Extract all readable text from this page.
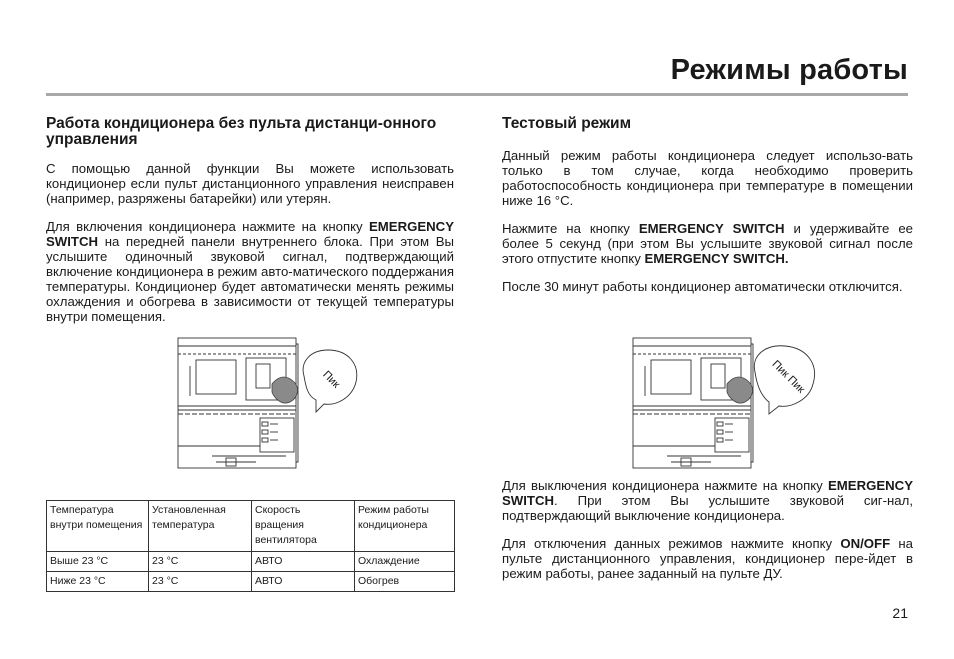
Режимы работы
Работа кондиционера без пульта дистанци-онного управления

С помощью данной функции Вы можете использовать кондиционер если пульт дистанционного управления неисправен (например, разряжены батарейки) или утерян.

Для включения кондиционера нажмите на кнопку EMERGENCY SWITCH на передней панели внутреннего блока. При этом Вы услышите одиночный звуковой сигнал, подтверждающий включение кондиционера в режим авто-матического поддержания температуры. Кондиционер будет автоматически менять режимы охлаждения и обогрева в зависимости от текущей температуры внутри помещения.

Пик
Температура внутри помещения	Установленная температура	Скорость вращения вентилятора	Режим работы кондиционера
Выше 23 °С	23 °С	АВТО	Охлаждение
Ниже 23 °С	23 °С	АВТО	Обогрев
Тестовый режим

Данный режим работы кондиционера следует использо-вать только в том случае, когда необходимо проверить работоспособность кондиционера при температуре в помещении ниже 16 °С.

Нажмите на кнопку EMERGENCY SWITCH и удерживайте ее более 5 секунд (при этом Вы услышите звуковой сигнал после этого отпустите кнопку EMERGENCY SWITCH.

После 30 минут работы кондиционер автоматически отключится.

Пик Пик

Для выключения кондиционера нажмите на кнопку EMERGENCY SWITCH. При этом Вы услышите звуковой сиг-нал, подтверждающий выключение кондиционера.

Для отключения данных режимов нажмите кнопку ON/OFF на пульте дистанционного управления, кондиционер пере-йдет в режим работы, ранее заданный на пульте ДУ.

21
